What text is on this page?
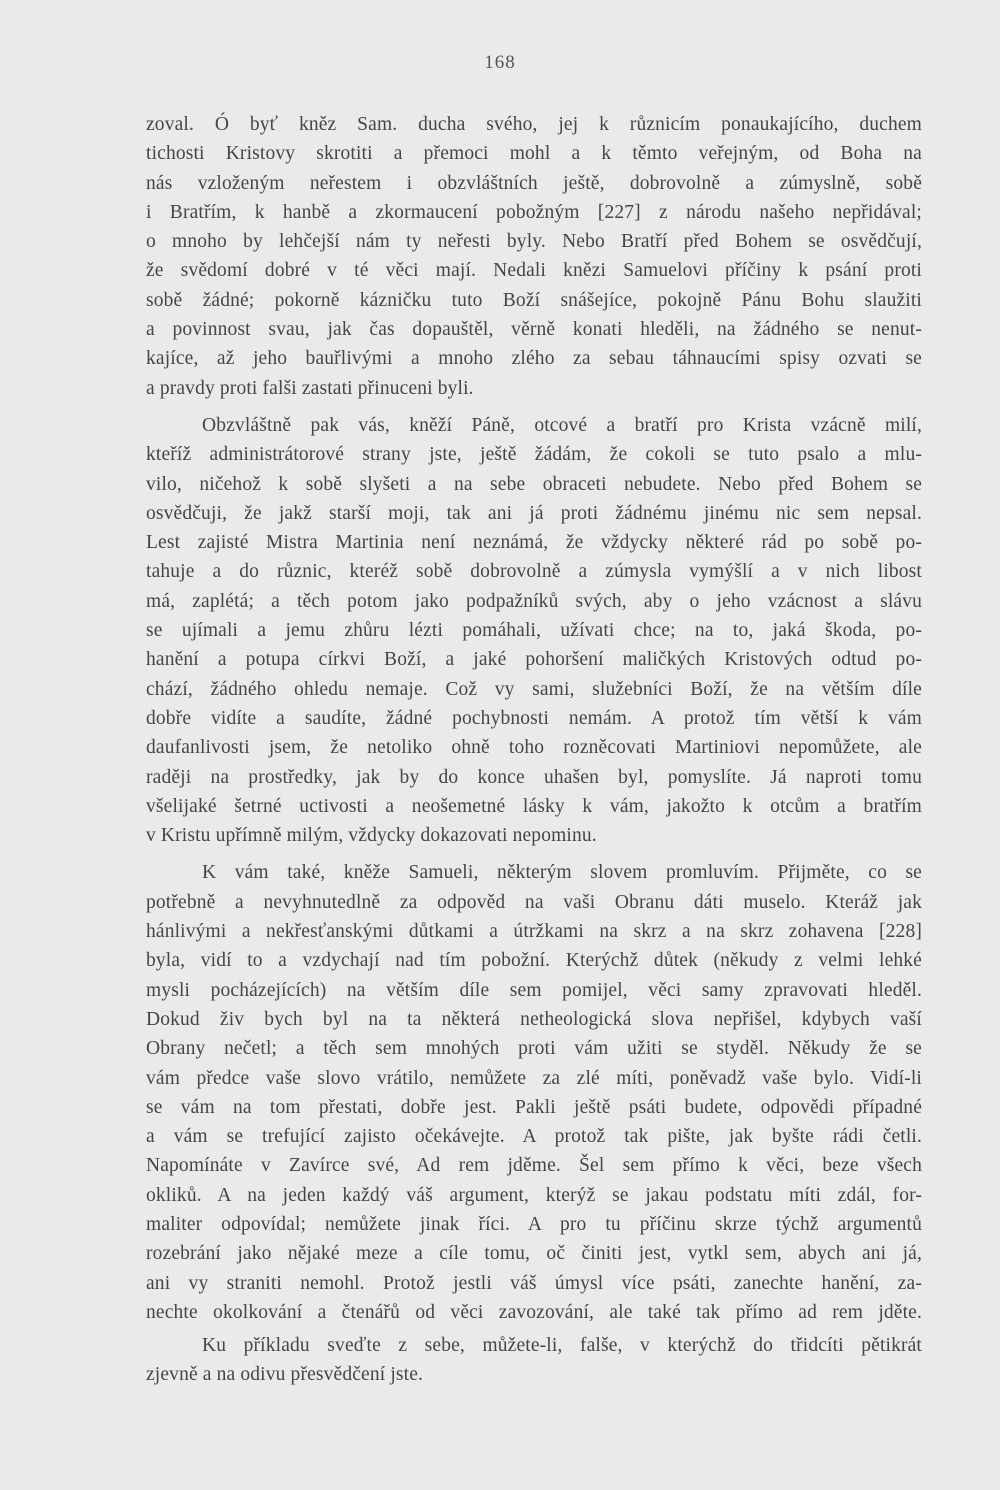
168
zoval. Ó byť kněz Sam. ducha svého, jej k různicím ponaukajícího, duchem
tichosti Kristovy skrotiti a přemoci mohl a k těmto veřejným, od Boha na
nás vzloženým neřestem i obzvláštních ještě, dobrovolně a zúmyslně, sobě
i Bratřím, k hanbě a zkormaucení pobožným [227] z národu našeho nepřidával;
o mnoho by lehčejší nám ty neřesti byly. Nebo Bratří před Bohem se osvědčují,
že svědomí dobré v té věci mají. Nedali knězi Samuelovi příčiny k psání proti
sobě žádné; pokorně kázničku tuto Boží snášejíce, pokojně Pánu Bohu slaužiti
a povinnost svau, jak čas dopauštěl, věrně konati hleděli, na žádného se nenut-
kajíce, až jeho bauřlivými a mnoho zlého za sebau táhnaucími spisy ozvati se
a pravdy proti falši zastati přinuceni byli.
Obzvláštně pak vás, kněží Páně, otcové a bratří pro Krista vzácně milí,
kteříž administrátorové strany jste, ještě žádám, že cokoli se tuto psalo a mlu-
vilo, ničehož k sobě slyšeti a na sebe obraceti nebudete. Nebo před Bohem se
osvědčuji, že jakž starší moji, tak ani já proti žádnému jinému nic sem nepsal.
Lest zajisté Mistra Martinia není neznámá, že vždycky některé rád po sobě po-
tahuje a do různic, kteréž sobě dobrovolně a zúmysla vymýšlí a v nich libost
má, zaplétá; a těch potom jako podpažníků svých, aby o jeho vzácnost a slávu
se ujímali a jemu zhůru lézti pomáhali, užívati chce; na to, jaká škoda, po-
hanění a potupa církvi Boží, a jaké pohoršení maličkých Kristových odtud po-
chází, žádného ohledu nemaje. Což vy sami, služebníci Boží, že na větším díle
dobře vidíte a saudíte, žádné pochybnosti nemám. A protož tím větší k vám
daufanlivosti jsem, že netoliko ohně toho rozněcovati Martiniovi nepomůžete, ale
raději na prostředky, jak by do konce uhašen byl, pomyslíte. Já naproti tomu
všelijaké šetrné uctivosti a neošemetné lásky k vám, jakožto k otcům a bratřím
v Kristu upřímně milým, vždycky dokazovati nepominu.
K vám také, kněže Samueli, některým slovem promluvím. Přijměte, co se
potřebně a nevyhnutedlně za odpověd na vaši Obranu dáti muselo. Kteráž jak
hánlivými a nekřesťanskými důtkami a útržkami na skrz a na skrz zohavena [228]
byla, vidí to a vzdychají nad tím pobožní. Kterýchž důtek (někudy z velmi lehké
mysli pocházejících) na větším díle sem pomijel, věci samy zpravovati hleděl.
Dokud živ bych byl na ta některá netheologická slova nepřišel, kdybych vaší
Obrany nečetl; a těch sem mnohých proti vám užiti se styděl. Někudy že se
vám předce vaše slovo vrátilo, nemůžete za zlé míti, poněvadž vaše bylo. Vidí-li
se vám na tom přestati, dobře jest. Pakli ještě psáti budete, odpovědi případné
a vám se trefující zajisto očekávejte. A protož tak pište, jak byšte rádi četli.
Napomínáte v Zavírce své, Ad rem jděme. Šel sem přímo k věci, beze všech
okliků. A na jeden každý váš argument, kterýž se jakau podstatu míti zdál, for-
maliter odpovídal; nemůžete jinak říci. A pro tu příčinu skrze týchž argumentů
rozebrání jako nějaké meze a cíle tomu, oč činiti jest, vytkl sem, abych ani já,
ani vy straniti nemohl. Protož jestli váš úmysl více psáti, zanechte hanění, za-
nechte okolkování a čtenářů od věci zavozování, ale také tak přímo ad rem jděte.
Ku příkladu sveďte z sebe, můžete-li, falše, v kterýchž do třidcíti pětikrát
zjevně a na odivu přesvědčení jste.
